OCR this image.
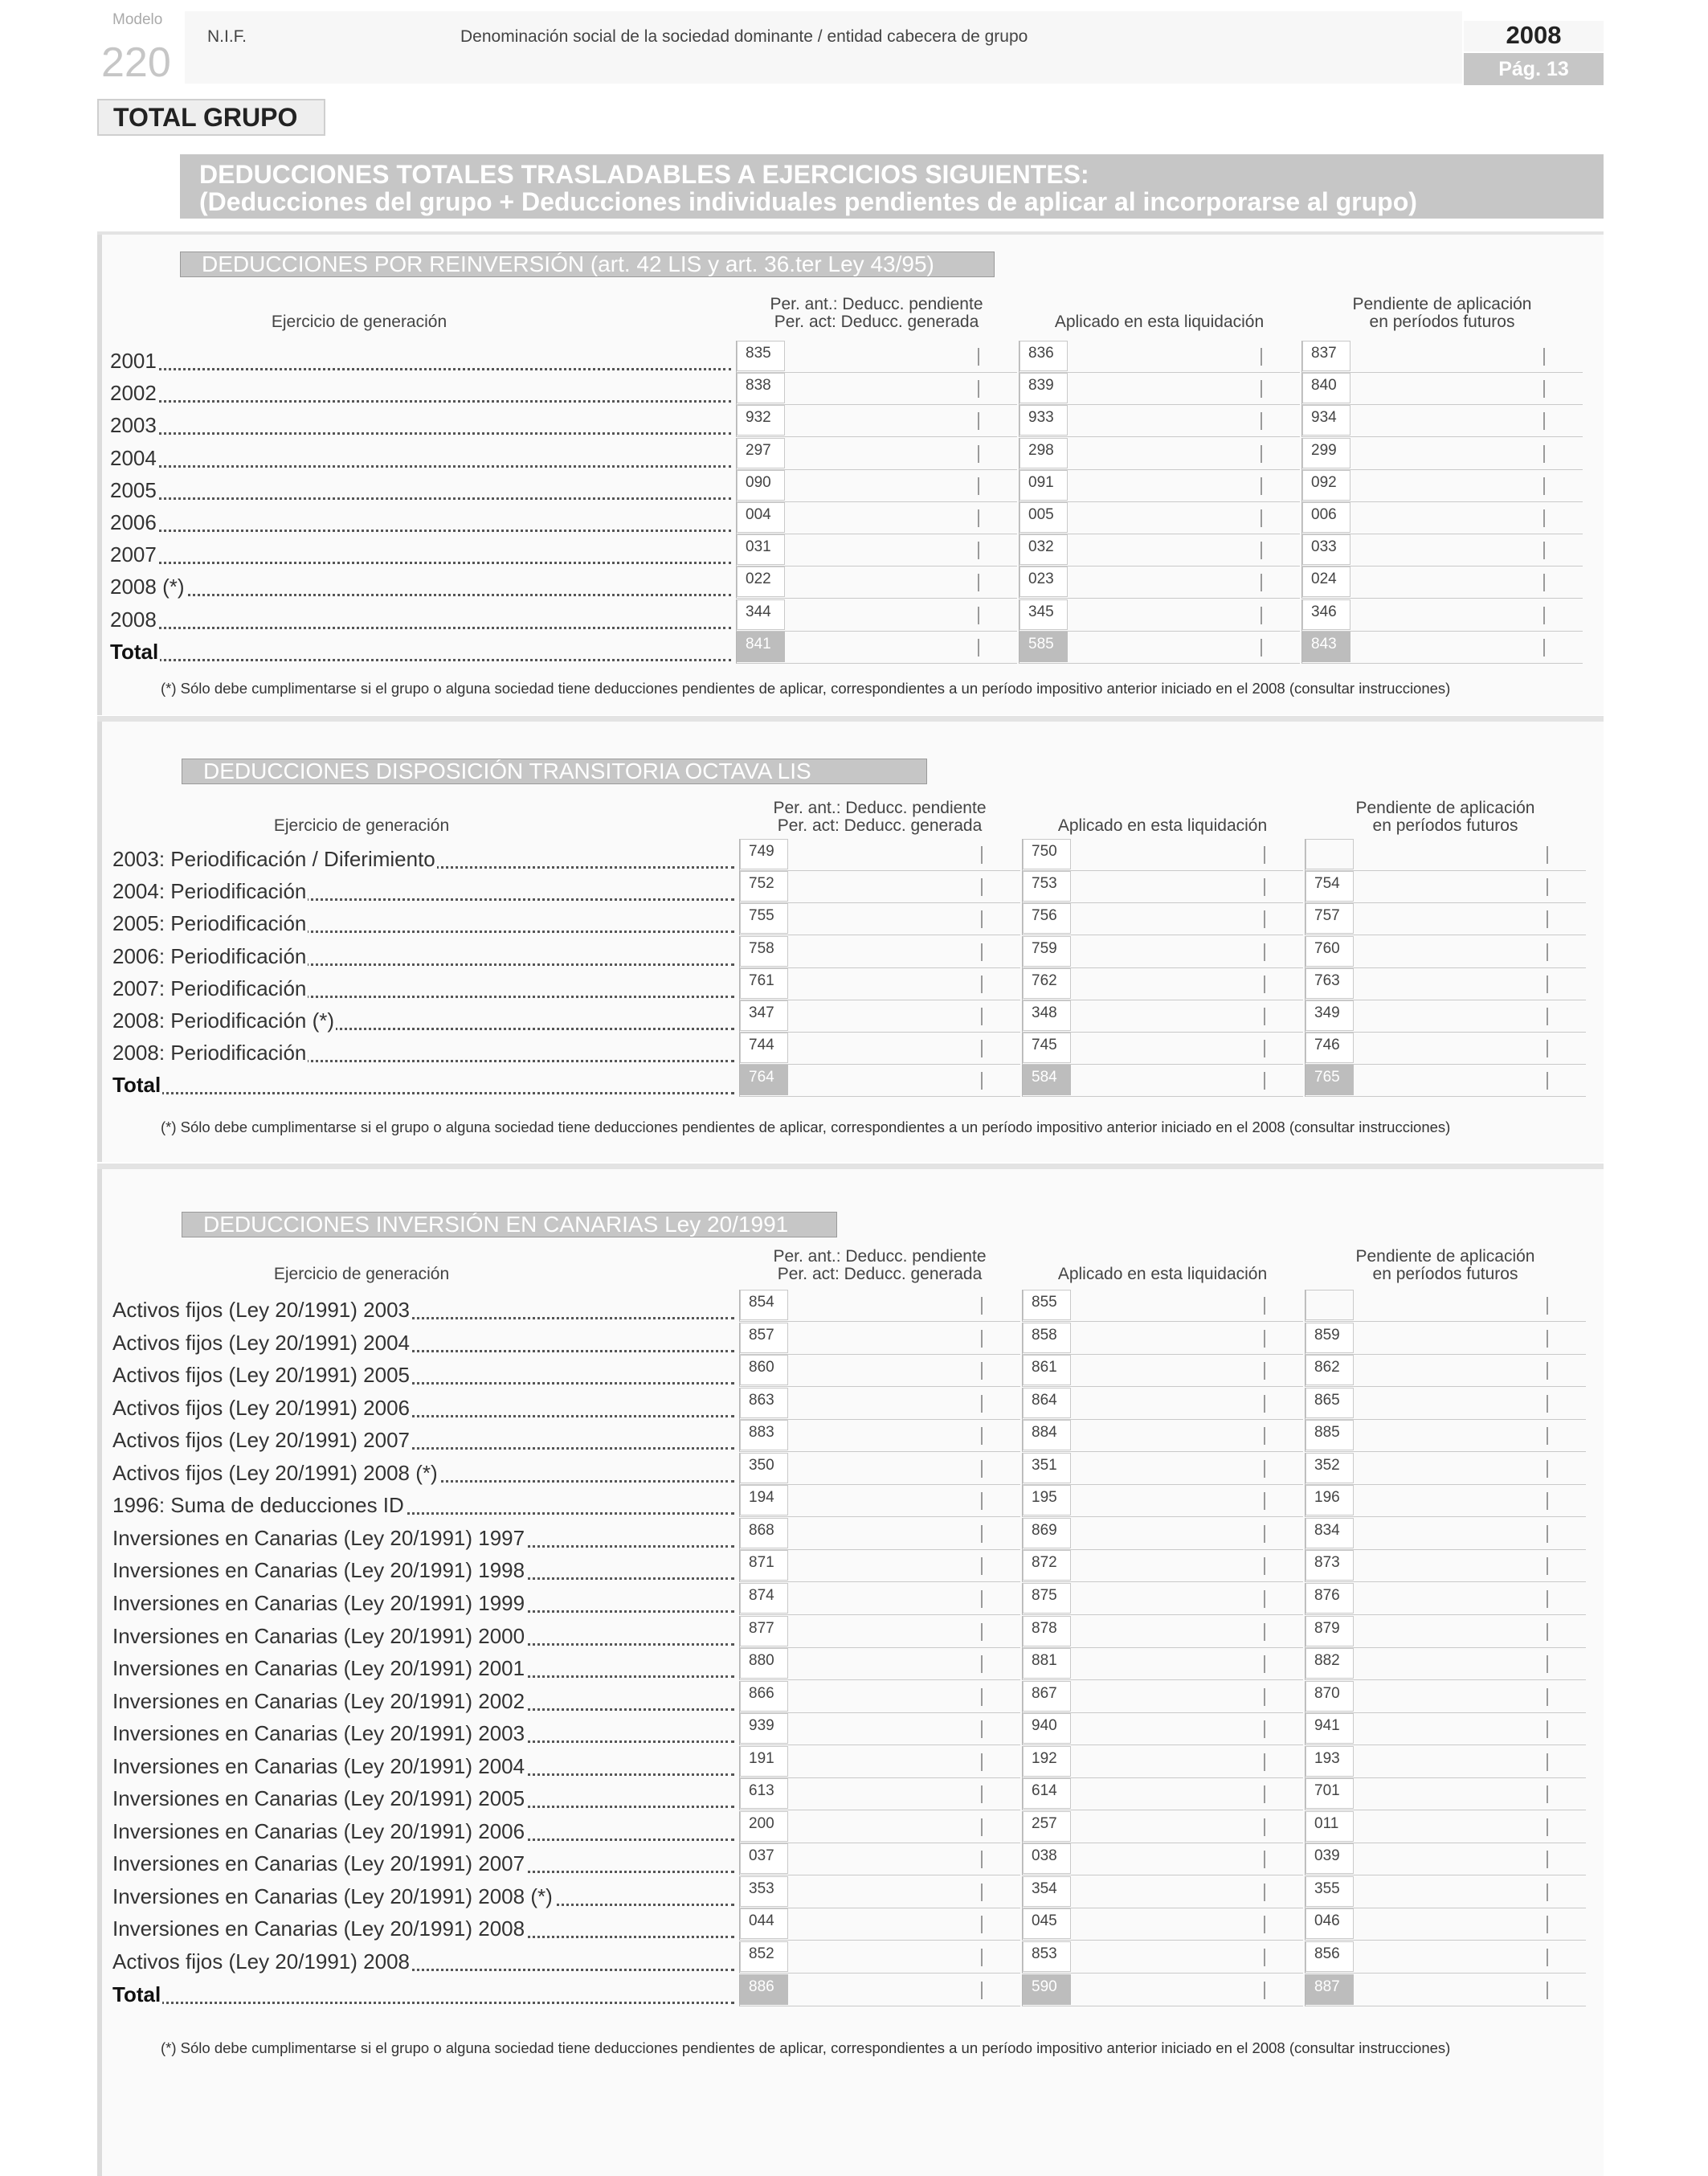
Modelo
220
N.I.F.	Denominación social de la sociedad dominante / entidad cabecera de grupo	2008
Pág. 13
TOTAL GRUPO
DEDUCCIONES TOTALES TRASLADABLES A EJERCICIOS SIGUIENTES:
(Deducciones del grupo + Deducciones individuales pendientes de aplicar al incorporarse al grupo)
DEDUCCIONES POR REINVERSIÓN (art. 42 LIS y art. 36.ter Ley 43/95)
Ejercicio de generación
Per. ant.: Deducc. pendiente
Per. act: Deducc. generada	Aplicado en esta liquidación
Pendiente de aplicación
en períodos futuros
2001	835	836	837
2002	838	839	840
2003	932	933	934
2004	297	298	299
2005	090	091	092
2006	004	005	006
2007	031	032	033
2008 (*)	022	023	024
2008	344	345	346
Total	841	585	843
(*) Sólo debe cumplimentarse si el grupo o alguna sociedad tiene deducciones pendientes de aplicar, correspondientes a un período impositivo anterior iniciado en el 2008 (consultar instrucciones)
DEDUCCIONES DISPOSICIÓN TRANSITORIA OCTAVA LIS
Ejercicio de generación
Per. ant.: Deducc. pendiente
Per. act: Deducc. generada	Aplicado en esta liquidación
Pendiente de aplicación
en períodos futuros
2003: Periodificación / Diferimiento	749	750
2004: Periodificación	752	753	754
2005: Periodificación	755	756	757
2006: Periodificación	758	759	760
2007: Periodificación	761	762	763
2008: Periodificación (*)	347	348	349
2008: Periodificación	744	745	746
Total	764	584	765
(*) Sólo debe cumplimentarse si el grupo o alguna sociedad tiene deducciones pendientes de aplicar, correspondientes a un período impositivo anterior iniciado en el 2008 (consultar instrucciones)
DEDUCCIONES INVERSIÓN EN CANARIAS Ley 20/1991
Ejercicio de generación
Per. ant.: Deducc. pendiente
Per. act: Deducc. generada	Aplicado en esta liquidación
Pendiente de aplicación
en períodos futuros
Activos fijos (Ley 20/1991) 2003	854	855
Activos fijos (Ley 20/1991) 2004	857	858	859
Activos fijos (Ley 20/1991) 2005	860	861	862
Activos fijos (Ley 20/1991) 2006	863	864	865
Activos fijos (Ley 20/1991) 2007	883	884	885
Activos fijos (Ley 20/1991) 2008 (*)	350	351	352
1996: Suma de deducciones ID	194	195	196
Inversiones en Canarias (Ley 20/1991) 1997	868	869	834
Inversiones en Canarias (Ley 20/1991) 1998	871	872	873
Inversiones en Canarias (Ley 20/1991) 1999	874	875	876
Inversiones en Canarias (Ley 20/1991) 2000	877	878	879
Inversiones en Canarias (Ley 20/1991) 2001	880	881	882
Inversiones en Canarias (Ley 20/1991) 2002	866	867	870
Inversiones en Canarias (Ley 20/1991) 2003	939	940	941
Inversiones en Canarias (Ley 20/1991) 2004	191	192	193
Inversiones en Canarias (Ley 20/1991) 2005	613	614	701
Inversiones en Canarias (Ley 20/1991) 2006	200	257	011
Inversiones en Canarias (Ley 20/1991) 2007	037	038	039
Inversiones en Canarias (Ley 20/1991) 2008 (*)	353	354	355
Inversiones en Canarias (Ley 20/1991) 2008	044	045	046
Activos fijos (Ley 20/1991) 2008	852	853	856
Total	886	590	887
(*) Sólo debe cumplimentarse si el grupo o alguna sociedad tiene deducciones pendientes de aplicar, correspondientes a un período impositivo anterior iniciado en el 2008 (consultar instrucciones)
